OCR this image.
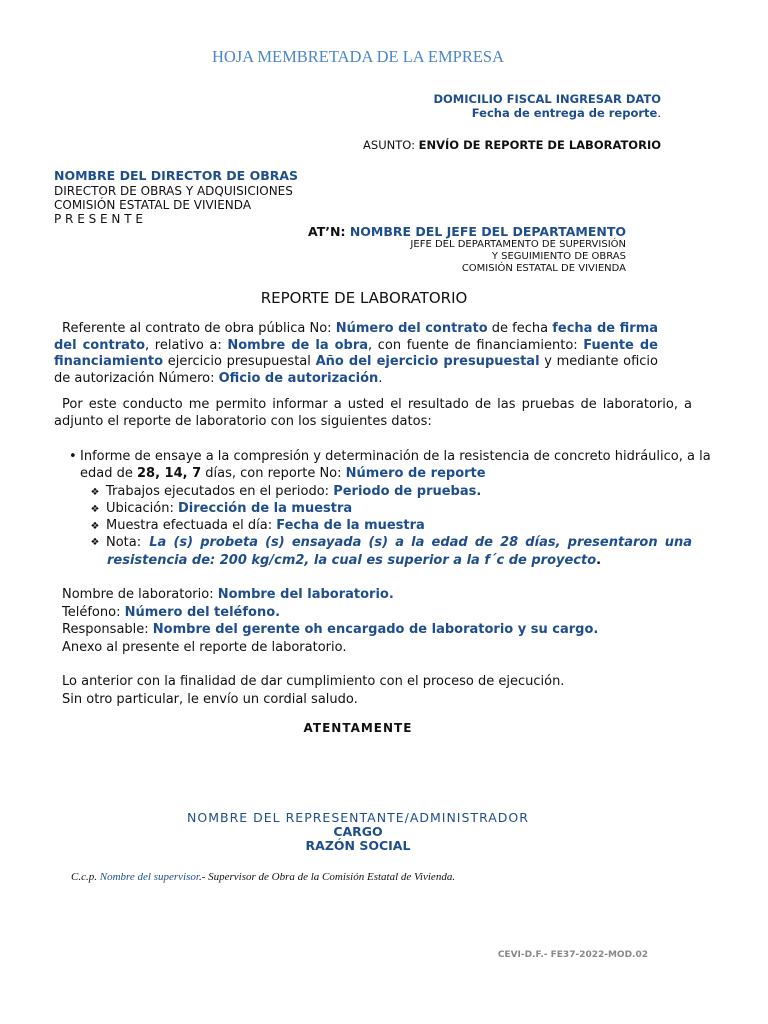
HOJA MEMBRETADA DE LA EMPRESA
DOMICILIO FISCAL INGRESAR DATO
Fecha de entrega de reporte.
ASUNTO: ENVÍO DE REPORTE DE LABORATORIO
NOMBRE DEL DIRECTOR DE OBRAS
DIRECTOR DE OBRAS Y ADQUISICIONES
COMISIÓN ESTATAL DE VIVIENDA
P R E S E N T E
AT’N: NOMBRE DEL JEFE DEL DEPARTAMENTO
JEFE DEL DEPARTAMENTO DE SUPERVISIÓN
Y SEGUIMIENTO DE OBRAS
COMISIÓN ESTATAL DE VIVIENDA
REPORTE DE LABORATORIO
Referente al contrato de obra pública No: Número del contrato de fecha fecha de firma del contrato, relativo a: Nombre de la obra, con fuente de financiamiento: Fuente de financiamiento ejercicio presupuestal Año del ejercicio presupuestal y mediante oficio de autorización Número: Oficio de autorización.
Por este conducto me permito informar a usted el resultado de las pruebas de laboratorio, a adjunto el reporte de laboratorio con los siguientes datos:
• Informe de ensaye a la compresión y determinación de la resistencia de concreto hidráulico, a la
edad de 28, 14, 7 días, con reporte No: Número de reporte
❖ Trabajos ejecutados en el periodo: Periodo de pruebas.
❖ Ubicación: Dirección de la muestra
❖ Muestra efectuada el día: Fecha de la muestra
❖ Nota: La (s) probeta (s) ensayada (s) a la edad de 28 días, presentaron una
resistencia de: 200 kg/cm2, la cual es superior a la f´c de proyecto.
Nombre de laboratorio: Nombre del laboratorio.
Teléfono: Número del teléfono.
Responsable: Nombre del gerente oh encargado de laboratorio y su cargo.
Anexo al presente el reporte de laboratorio.
Lo anterior con la finalidad de dar cumplimiento con el proceso de ejecución.
Sin otro particular, le envío un cordial saludo.
ATENTAMENTE
NOMBRE DEL REPRESENTANTE/ADMINISTRADOR
CARGO
RAZÓN SOCIAL
C.c.p. Nombre del supervisor.- Supervisor de Obra de la Comisión Estatal de Vivienda.
CEVI-D.F.- FE37-2022-MOD.02
